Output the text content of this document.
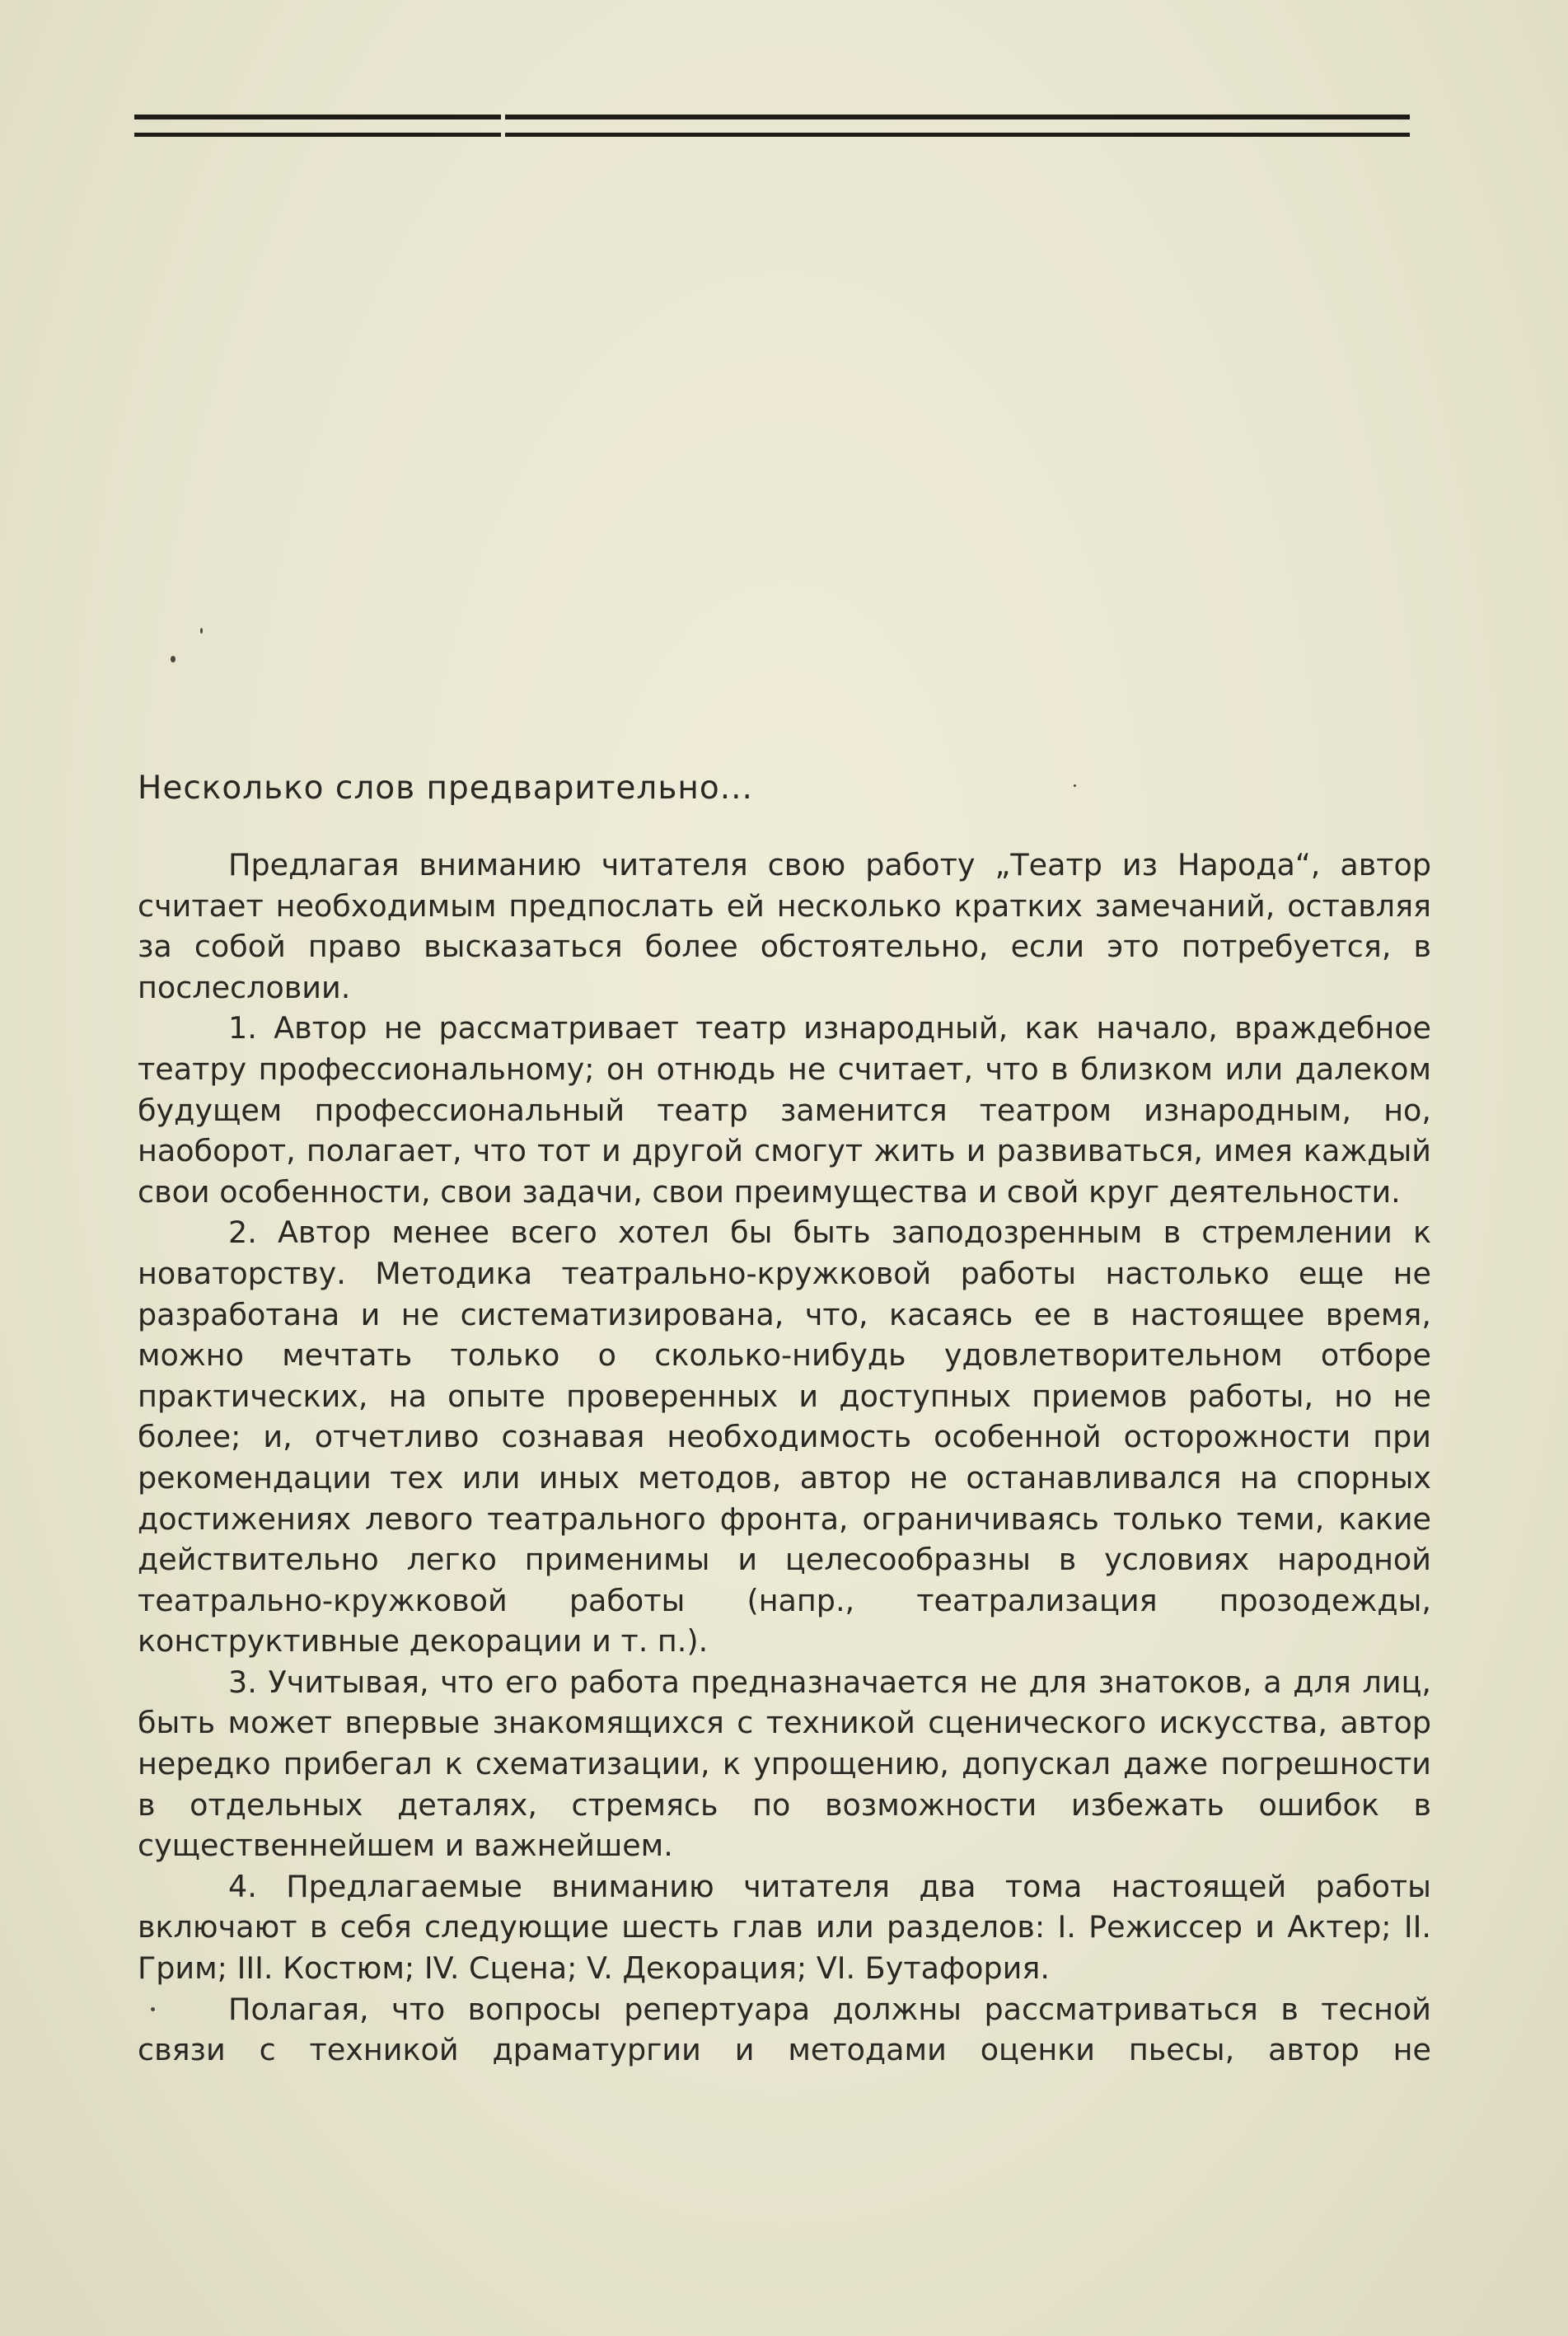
Несколько слов предварительно...

Предлагая вниманию читателя свою работу „Театр из Народа“, автор считает необходимым предпослать ей несколько кратких замечаний, оставляя за собой право высказаться более обстоятельно, если это потребуется, в послесловии.

1. Автор не рассматривает театр изнародный, как начало, враждебное театру профессиональному; он отнюдь не считает, что в близком или далеком будущем профессиональный театр заменится театром изнародным, но, наоборот, полагает, что тот и другой смогут жить и развиваться, имея каждый свои особенности, свои задачи, свои преимущества и свой круг деятельности.

2. Автор менее всего хотел бы быть заподозренным в стремлении к новаторству. Методика театрально-кружковой работы настолько еще не разработана и не систематизирована, что, касаясь ее в настоящее время, можно мечтать только о сколько-нибудь удовлетворительном отборе практических, на опыте проверенных и доступных приемов работы, но не более; и, отчетливо сознавая необходимость особенной осторожности при рекомендации тех или иных методов, автор не останавливался на спорных достижениях левого театрального фронта, ограничиваясь только теми, какие действительно легко применимы и целесообразны в условиях народной театрально-кружковой работы (напр., театрализация прозодежды, конструктивные декорации и т. п.).

3. Учитывая, что его работа предназначается не для знатоков, а для лиц, быть может впервые знакомящихся с техникой сценического искусства, автор нередко прибегал к схематизации, к упрощению, допускал даже погрешности в отдельных деталях, стремясь по возможности избежать ошибок в существеннейшем и важнейшем.

4. Предлагаемые вниманию читателя два тома настоящей работы включают в себя следующие шесть глав или разделов: I. Режиссер и Актер; II. Грим; III. Костюм; IV. Сцена; V. Декорация; VI. Бутафория.

Полагая, что вопросы репертуара должны рассматриваться в тесной связи с техникой драматургии и методами оценки пьесы, автор не
